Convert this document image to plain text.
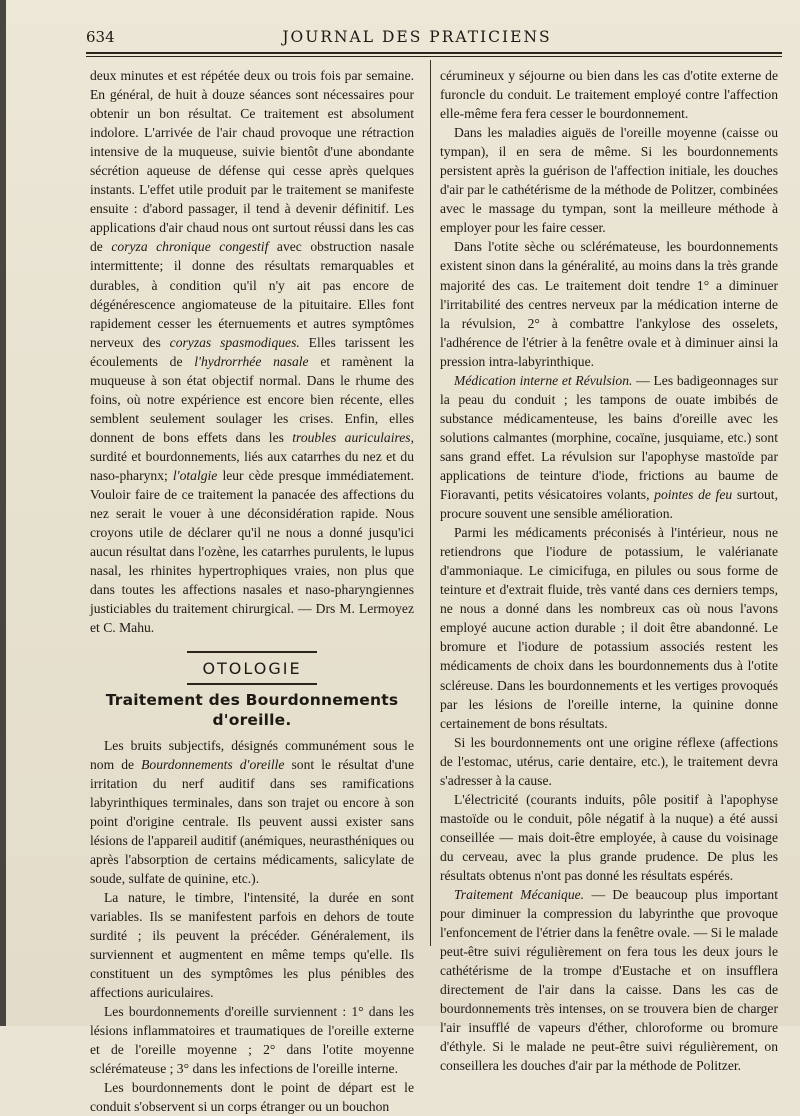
634	JOURNAL DES PRATICIENS

deux minutes et est répétée deux ou trois fois par semaine. En général, de huit à douze séances sont nécessaires pour obtenir un bon résultat. Ce traitement est absolument indolore. L'arrivée de l'air chaud provoque une rétraction intensive de la muqueuse, suivie bientôt d'une abondante sécrétion aqueuse de défense qui cesse après quelques instants. L'effet utile produit par le traitement se manifeste ensuite : d'abord passager, il tend à devenir définitif. Les applications d'air chaud nous ont surtout réussi dans les cas de coryza chronique congestif avec obstruction nasale intermittente; il donne des résultats remarquables et durables, à condition qu'il n'y ait pas encore de dégénérescence angiomateuse de la pituitaire. Elles font rapidement cesser les éternuements et autres symptômes nerveux des coryzas spasmodiques. Elles tarissent les écoulements de l'hydrorrhée nasale et ramènent la muqueuse à son état objectif normal. Dans le rhume des foins, où notre expérience est encore bien récente, elles semblent seulement soulager les crises. Enfin, elles donnent de bons effets dans les troubles auriculaires, surdité et bourdonnements, liés aux catarrhes du nez et du naso-pharynx; l'otalgie leur cède presque immédiatement. Vouloir faire de ce traitement la panacée des affections du nez serait le vouer à une déconsidération rapide. Nous croyons utile de déclarer qu'il ne nous a donné jusqu'ici aucun résultat dans l'ozène, les catarrhes purulents, le lupus nasal, les rhinites hypertrophiques vraies, non plus que dans toutes les affections nasales et naso-pharyngiennes justiciables du traitement chirurgical. — Drs M. Lermoyez et C. Mahu.

OTOLOGIE
Traitement des Bourdonnements d'oreille.

Les bruits subjectifs, désignés communément sous le nom de Bourdonnements d'oreille sont le résultat d'une irritation du nerf auditif dans ses ramifications labyrinthiques terminales, dans son trajet ou encore à son point d'origine centrale. Ils peuvent aussi exister sans lésions de l'appareil auditif (anémiques, neurasthéniques ou après l'absorption de certains médicaments, salicylate de soude, sulfate de quinine, etc.).

La nature, le timbre, l'intensité, la durée en sont variables. Ils se manifestent parfois en dehors de toute surdité ; ils peuvent la précéder. Généralement, ils surviennent et augmentent en même temps qu'elle. Ils constituent un des symptômes les plus pénibles des affections auriculaires.

Les bourdonnements d'oreille surviennent : 1° dans les lésions inflammatoires et traumatiques de l'oreille externe et de l'oreille moyenne ; 2° dans l'otite moyenne sclérémateuse ; 3° dans les infections de l'oreille interne.

Les bourdonnements dont le point de départ est le conduit s'observent si un corps étranger ou un bouchon

cérumineux y séjourne ou bien dans les cas d'otite externe de furoncle du conduit. Le traitement employé contre l'affection elle-même fera fera cesser le bourdonnement.

Dans les maladies aiguës de l'oreille moyenne (caisse ou tympan), il en sera de même. Si les bourdonnements persistent après la guérison de l'affection initiale, les douches d'air par le cathétérisme de la méthode de Politzer, combinées avec le massage du tympan, sont la meilleure méthode à employer pour les faire cesser.

Dans l'otite sèche ou sclérémateuse, les bourdonnements existent sinon dans la généralité, au moins dans la très grande majorité des cas. Le traitement doit tendre 1° a diminuer l'irritabilité des centres nerveux par la médication interne de la révulsion, 2° à combattre l'ankylose des osselets, l'adhérence de l'étrier à la fenêtre ovale et à diminuer ainsi la pression intra-labyrinthique.

Médication interne et Révulsion. — Les badigeonnages sur la peau du conduit ; les tampons de ouate imbibés de substance médicamenteuse, les bains d'oreille avec les solutions calmantes (morphine, cocaïne, jusquiame, etc.) sont sans grand effet. La révulsion sur l'apophyse mastoïde par applications de teinture d'iode, frictions au baume de Fioravanti, petits vésicatoires volants, pointes de feu surtout, procure souvent une sensible amélioration.

Parmi les médicaments préconisés à l'intérieur, nous ne retiendrons que l'iodure de potassium, le valérianate d'ammoniaque. Le cimicifuga, en pilules ou sous forme de teinture et d'extrait fluide, très vanté dans ces derniers temps, ne nous a donné dans les nombreux cas où nous l'avons employé aucune action durable ; il doit être abandonné. Le bromure et l'iodure de potassium associés restent les médicaments de choix dans les bourdonnements dus à l'otite scléreuse. Dans les bourdonnements et les vertiges provoqués par les lésions de l'oreille interne, la quinine donne certainement de bons résultats.

Si les bourdonnements ont une origine réflexe (affections de l'estomac, utérus, carie dentaire, etc.), le traitement devra s'adresser à la cause.

L'électricité (courants induits, pôle positif à l'apophyse mastoïde ou le conduit, pôle négatif à la nuque) a été aussi conseillée — mais doit-être employée, à cause du voisinage du cerveau, avec la plus grande prudence. De plus les résultats obtenus n'ont pas donné les résultats espérés.

Traitement Mécanique. — De beaucoup plus important pour diminuer la compression du labyrinthe que provoque l'enfoncement de l'étrier dans la fenêtre ovale. — Si le malade peut-être suivi régulièrement on fera tous les deux jours le cathétérisme de la trompe d'Eustache et on insufflera directement de l'air dans la caisse. Dans les cas de bourdonnements très intenses, on se trouvera bien de charger l'air insufflé de vapeurs d'éther, chloroforme ou bromure d'éthyle. Si le malade ne peut-être suivi régulièrement, on conseillera les douches d'air par la méthode de Politzer.
